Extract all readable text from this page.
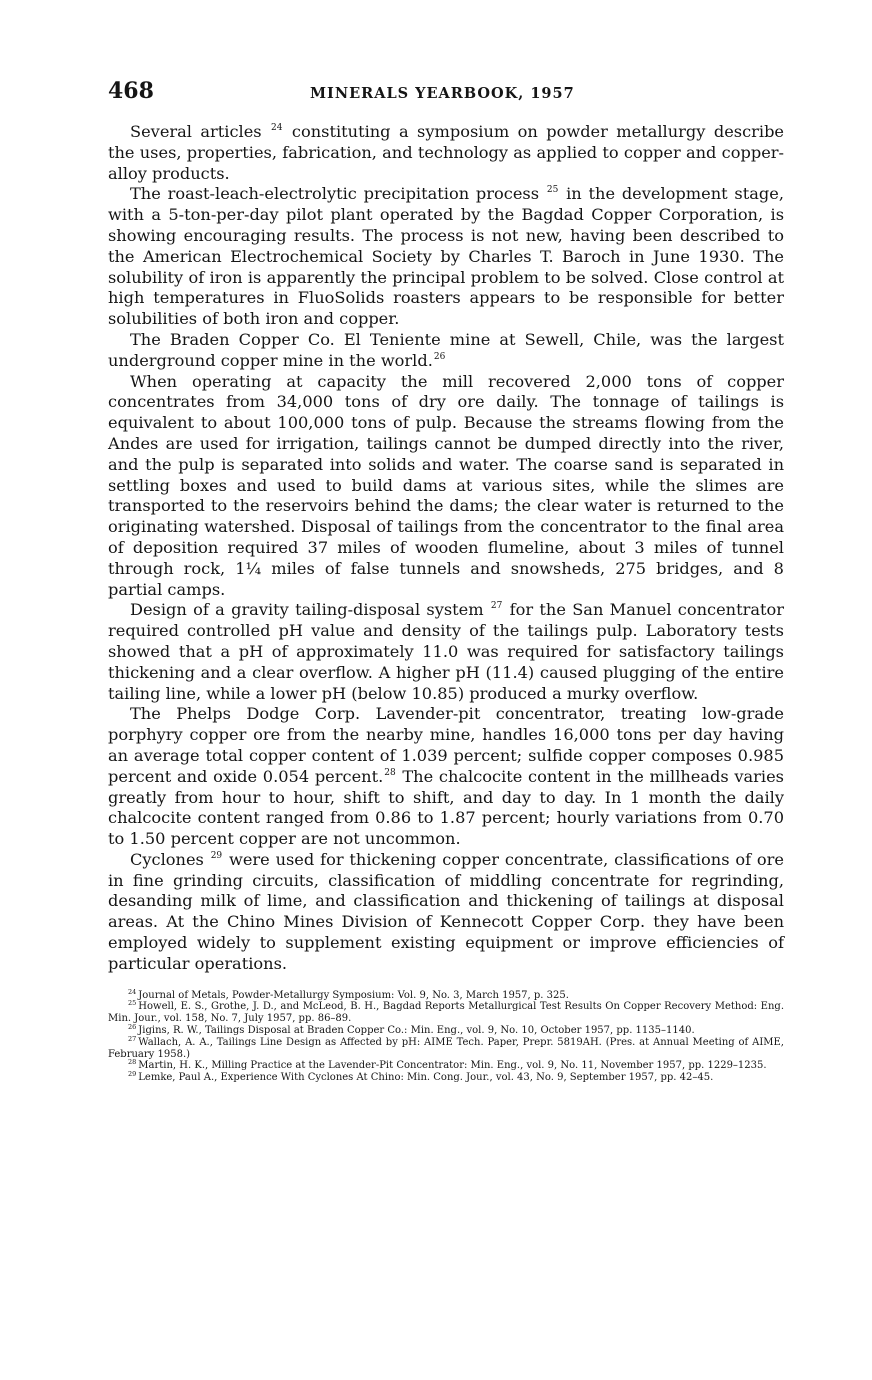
468	MINERALS YEARBOOK, 1957

Several articles $^{24}$ constituting a symposium on powder metallurgy describe the uses, properties, fabrication, and technology as applied to copper and copper-alloy products.

The roast-leach-electrolytic precipitation process $^{25}$ in the development stage, with a 5-ton-per-day pilot plant operated by the Bagdad Copper Corporation, is showing encouraging results. The process is not new, having been described to the American Electrochemical Society by Charles T. Baroch in June 1930. The solubility of iron is apparently the principal problem to be solved. Close control at high temperatures in FluoSolids roasters appears to be responsible for better solubilities of both iron and copper.

The Braden Copper Co. El Teniente mine at Sewell, Chile, was the largest underground copper mine in the world.$^{26}$

When operating at capacity the mill recovered 2,000 tons of copper concentrates from 34,000 tons of dry ore daily. The tonnage of tailings is equivalent to about 100,000 tons of pulp. Because the streams flowing from the Andes are used for irrigation, tailings cannot be dumped directly into the river, and the pulp is separated into solids and water. The coarse sand is separated in settling boxes and used to build dams at various sites, while the slimes are transported to the reservoirs behind the dams; the clear water is returned to the originating watershed. Disposal of tailings from the concentrator to the final area of deposition required 37 miles of wooden flumeline, about 3 miles of tunnel through rock, 1¼ miles of false tunnels and snowsheds, 275 bridges, and 8 partial camps.

Design of a gravity tailing-disposal system $^{27}$ for the San Manuel concentrator required controlled pH value and density of the tailings pulp. Laboratory tests showed that a pH of approximately 11.0 was required for satisfactory tailings thickening and a clear overflow. A higher pH (11.4) caused plugging of the entire tailing line, while a lower pH (below 10.85) produced a murky overflow.

The Phelps Dodge Corp. Lavender-pit concentrator, treating low-grade porphyry copper ore from the nearby mine, handles 16,000 tons per day having an average total copper content of 1.039 percent; sulfide copper composes 0.985 percent and oxide 0.054 percent.$^{28}$ The chalcocite content in the millheads varies greatly from hour to hour, shift to shift, and day to day. In 1 month the daily chalcocite content ranged from 0.86 to 1.87 percent; hourly variations from 0.70 to 1.50 percent copper are not uncommon.

Cyclones $^{29}$ were used for thickening copper concentrate, classifications of ore in fine grinding circuits, classification of middling concentrate for regrinding, desanding milk of lime, and classification and thickening of tailings at disposal areas. At the Chino Mines Division of Kennecott Copper Corp. they have been employed widely to supplement existing equipment or improve efficiencies of particular operations.

$^{24}$ Journal of Metals, Powder-Metallurgy Symposium: Vol. 9, No. 3, March 1957, p. 325.

$^{25}$ Howell, E. S., Grothe, J. D., and McLeod, B. H., Bagdad Reports Metallurgical Test Results On Copper Recovery Method: Eng. Min. Jour., vol. 158, No. 7, July 1957, pp. 86–89.

$^{26}$ Jigins, R. W., Tailings Disposal at Braden Copper Co.: Min. Eng., vol. 9, No. 10, October 1957, pp. 1135–1140.

$^{27}$ Wallach, A. A., Tailings Line Design as Affected by pH: AIME Tech. Paper, Prepr. 5819AH. (Pres. at Annual Meeting of AIME, February 1958.)

$^{28}$ Martin, H. K., Milling Practice at the Lavender-Pit Concentrator: Min. Eng., vol. 9, No. 11, November 1957, pp. 1229–1235.

$^{29}$ Lemke, Paul A., Experience With Cyclones At Chino: Min. Cong. Jour., vol. 43, No. 9, September 1957, pp. 42–45.
